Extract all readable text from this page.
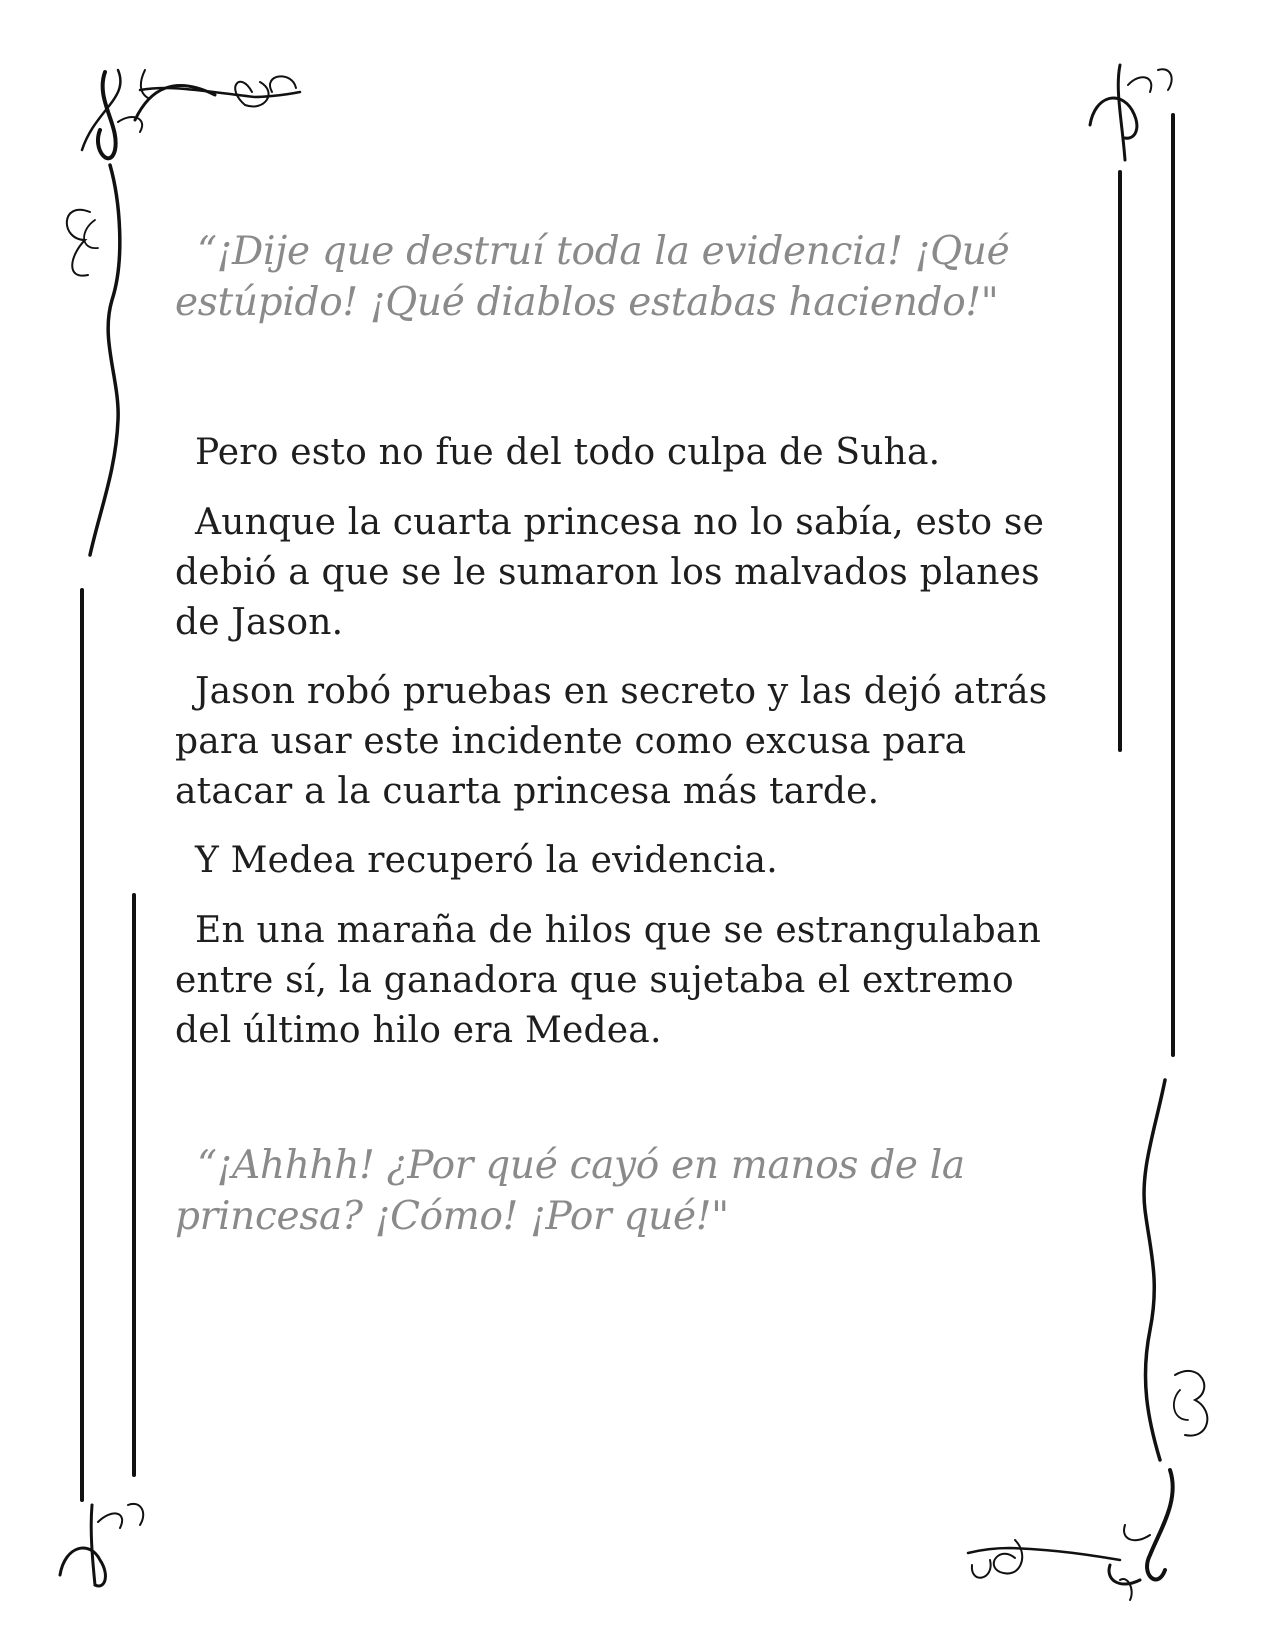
“¡Dije que destruí toda la evidencia! ¡Qué estúpido! ¡Qué diablos estabas haciendo!"

Pero esto no fue del todo culpa de Suha.

Aunque la cuarta princesa no lo sabía, esto se debió a que se le sumaron los malvados planes de Jason.

Jason robó pruebas en secreto y las dejó atrás para usar este incidente como excusa para atacar a la cuarta princesa más tarde.

Y Medea recuperó la evidencia.

En una maraña de hilos que se estrangulaban entre sí, la ganadora que sujetaba el extremo del último hilo era Medea.

“¡Ahhhh! ¿Por qué cayó en manos de la princesa? ¡Cómo! ¡Por qué!"
